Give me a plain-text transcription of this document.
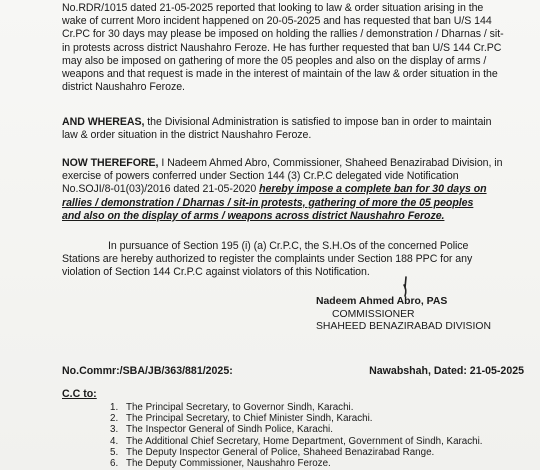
No.RDR/1015 dated 21-05-2025 reported that looking to law & order situation arising in the
wake of current Moro incident happened on 20-05-2025 and has requested that ban U/S 144
Cr.PC for 30 days may please be imposed on holding the rallies / demonstration / Dharnas / sit-
in protests across district Naushahro Feroze. He has further requested that ban U/S 144 Cr.PC
may also be imposed on gathering of more the 05 peoples and also on the display of arms /
weapons and that request is made in the interest of maintain of the law & order situation in the
district Naushahro Feroze.

AND WHEREAS, the Divisional Administration is satisfied to impose ban in order to maintain
law & order situation in the district Naushahro Feroze.

NOW THEREFORE, I Nadeem Ahmed Abro, Commissioner, Shaheed Benazirabad Division, in
exercise of powers conferred under Section 144 (3) Cr.P.C delegated vide Notification
No.SOJI/8-01(03)/2016 dated 21-05-2020 hereby impose a complete ban for 30 days on
rallies / demonstration / Dharnas / sit-in protests, gathering of more the 05 peoples
and also on the display of arms / weapons across district Naushahro Feroze.

In pursuance of Section 195 (i) (a) Cr.P.C, the S.H.Os of the concerned Police
Stations are hereby authorized to register the complaints under Section 188 PPC for any
violation of Section 144 Cr.P.C against violators of this Notification.

Nadeem Ahmed Abro, PAS
COMMISSIONER
SHAHEED BENAZIRABAD DIVISION
No.Commr:/SBA/JB/363/881/2025:	Nawabshah, Dated: 21-05-2025
C.C to:
1. The Principal Secretary, to Governor Sindh, Karachi.
2. The Principal Secretary, to Chief Minister Sindh, Karachi.
3. The Inspector General of Sindh Police, Karachi.
4. The Additional Chief Secretary, Home Department, Government of Sindh, Karachi.
5. The Deputy Inspector General of Police, Shaheed Benazirabad Range.
6. The Deputy Commissioner, Naushahro Feroze.
